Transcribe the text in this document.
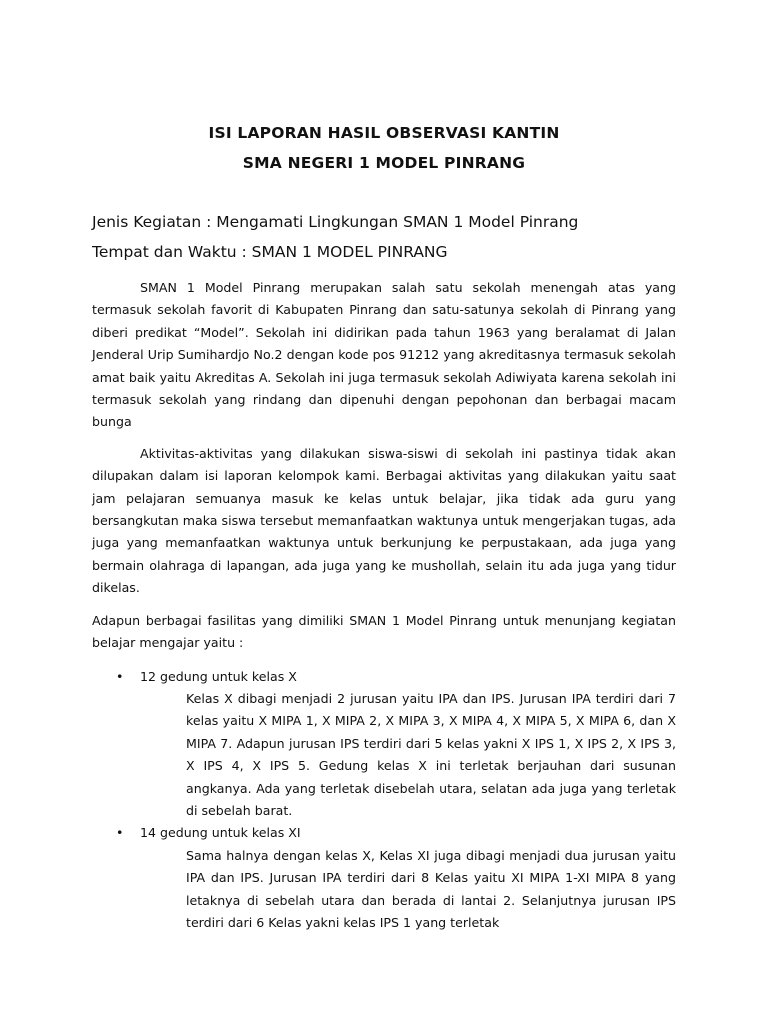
ISI LAPORAN HASIL OBSERVASI KANTIN
SMA NEGERI 1 MODEL PINRANG
Jenis Kegiatan : Mengamati Lingkungan SMAN 1 Model Pinrang
Tempat dan Waktu : SMAN 1 MODEL PINRANG

SMAN 1 Model Pinrang merupakan salah satu sekolah menengah atas yang termasuk sekolah favorit di Kabupaten Pinrang dan satu-satunya sekolah di Pinrang yang diberi predikat “Model”. Sekolah ini didirikan pada tahun 1963 yang beralamat di Jalan Jenderal Urip Sumihardjo No.2 dengan kode pos 91212 yang akreditasnya termasuk sekolah amat baik yaitu Akreditas A. Sekolah ini juga termasuk sekolah Adiwiyata karena sekolah ini termasuk sekolah yang rindang dan dipenuhi dengan pepohonan dan berbagai macam bunga

Aktivitas-aktivitas yang dilakukan siswa-siswi di sekolah ini pastinya tidak akan dilupakan dalam isi laporan kelompok kami. Berbagai aktivitas yang dilakukan yaitu saat jam pelajaran semuanya masuk ke kelas untuk belajar, jika tidak ada guru yang bersangkutan maka siswa tersebut memanfaatkan waktunya untuk mengerjakan tugas, ada juga yang memanfaatkan waktunya untuk berkunjung ke perpustakaan, ada juga yang bermain olahraga di lapangan, ada juga yang ke mushollah, selain itu ada juga yang tidur dikelas.

Adapun berbagai fasilitas yang dimiliki SMAN 1 Model Pinrang untuk menunjang kegiatan belajar mengajar yaitu :

• 12 gedung untuk kelas X

Kelas X dibagi menjadi 2 jurusan yaitu IPA dan IPS. Jurusan IPA terdiri dari 7 kelas yaitu X MIPA 1, X MIPA 2, X MIPA 3, X MIPA 4, X MIPA 5, X MIPA 6, dan X MIPA 7. Adapun jurusan IPS terdiri dari 5 kelas yakni X IPS 1, X IPS 2, X IPS 3, X IPS 4, X IPS 5. Gedung kelas X ini terletak berjauhan dari susunan angkanya. Ada yang terletak disebelah utara, selatan ada juga yang terletak di sebelah barat.

• 14 gedung untuk kelas XI

Sama halnya dengan kelas X, Kelas XI juga dibagi menjadi dua jurusan yaitu IPA dan IPS. Jurusan IPA terdiri dari 8 Kelas yaitu XI MIPA 1-XI MIPA 8 yang letaknya di sebelah utara dan berada di lantai 2. Selanjutnya jurusan IPS terdiri dari 6 Kelas yakni kelas IPS 1 yang terletak
